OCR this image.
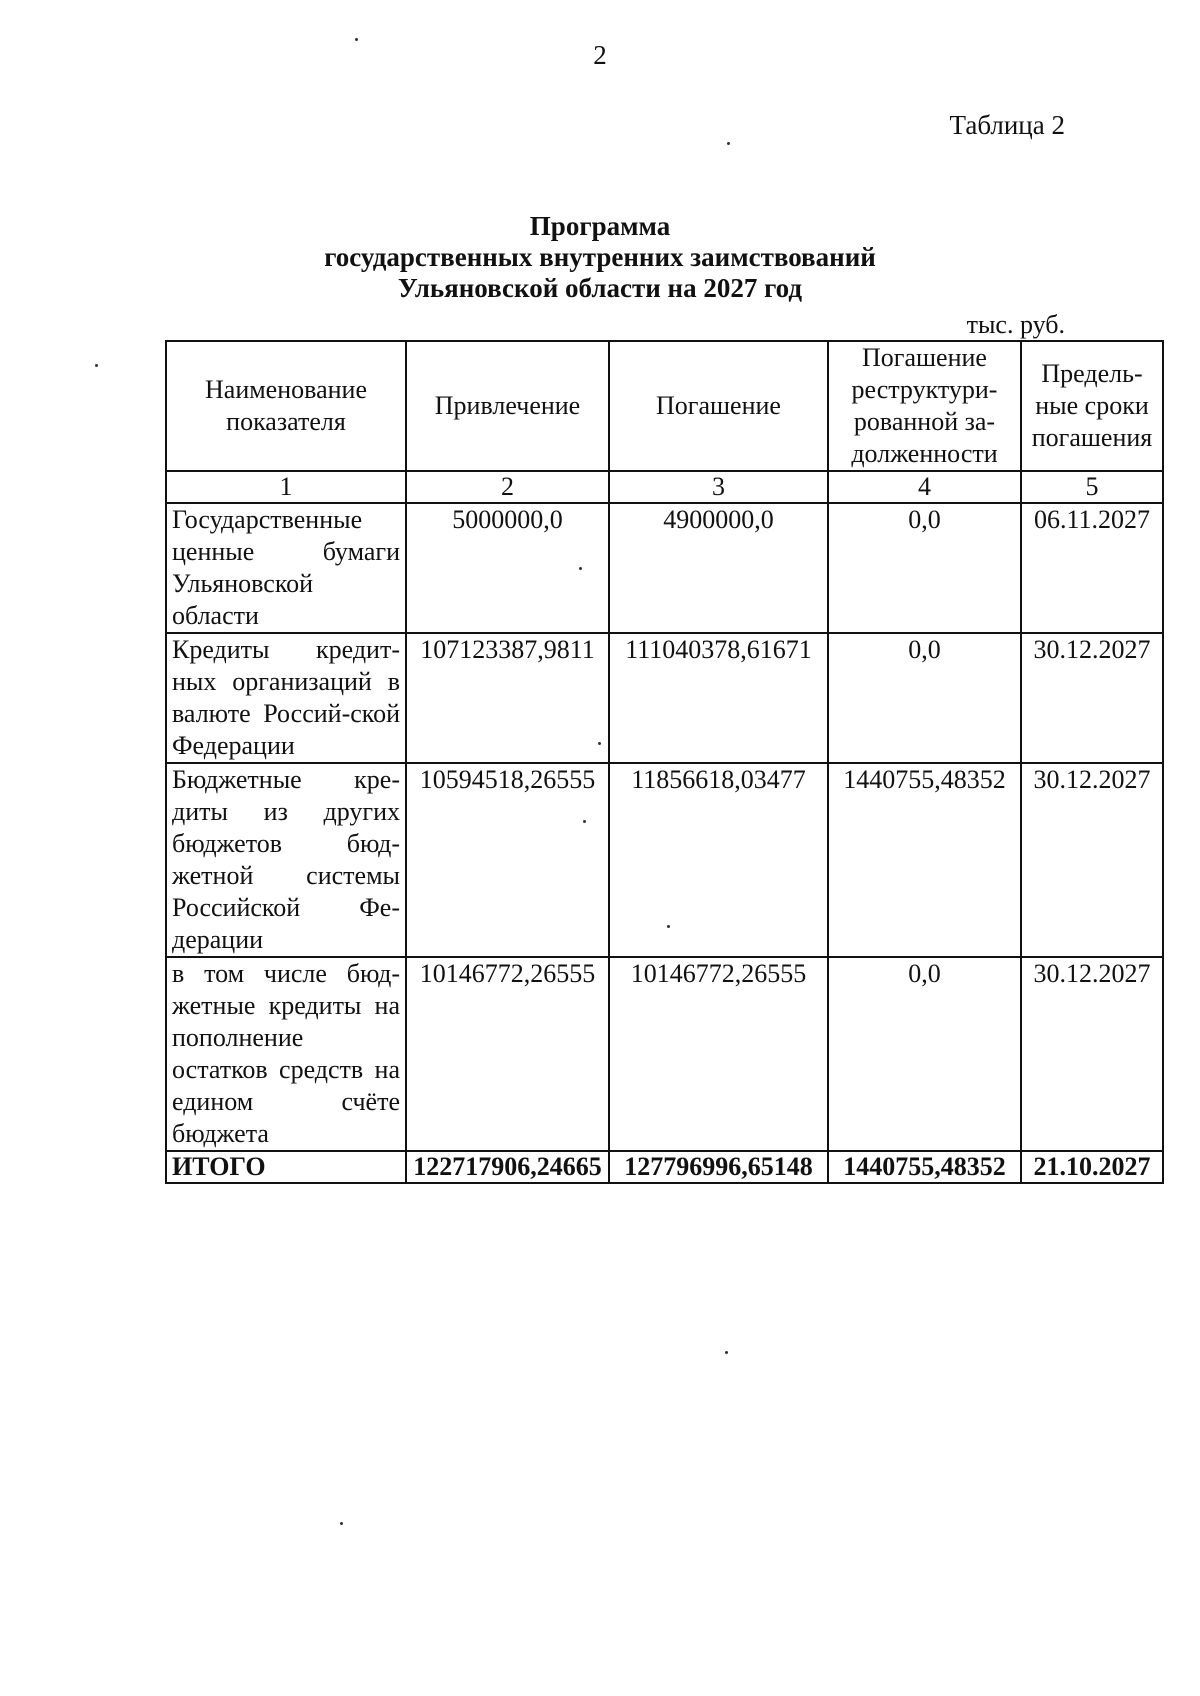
2
Таблица 2
Программа
государственных внутренних заимствований
Ульяновской области на 2027 год
тыс. руб.
Наименование показателя	Привлечение	Погашение	Погашение реструктури-рованной за-долженности	Предель-ные сроки погашения
1	2	3	4	5
Государственные ценные бумаги Ульяновской области	5000000,0	4900000,0	0,0	06.11.2027
Кредиты кредит-ных организаций в валюте Россий-ской Федерации	107123387,9811	111040378,61671	0,0	30.12.2027
Бюджетные кре-диты из других бюджетов бюд-жетной системы Российской Фе-дерации	10594518,26555	11856618,03477	1440755,48352	30.12.2027
в том числе бюд-жетные кредиты на пополнение остатков средств на едином счёте бюджета	10146772,26555	10146772,26555	0,0	30.12.2027
ИТОГО	122717906,24665	127796996,65148	1440755,48352	21.10.2027
